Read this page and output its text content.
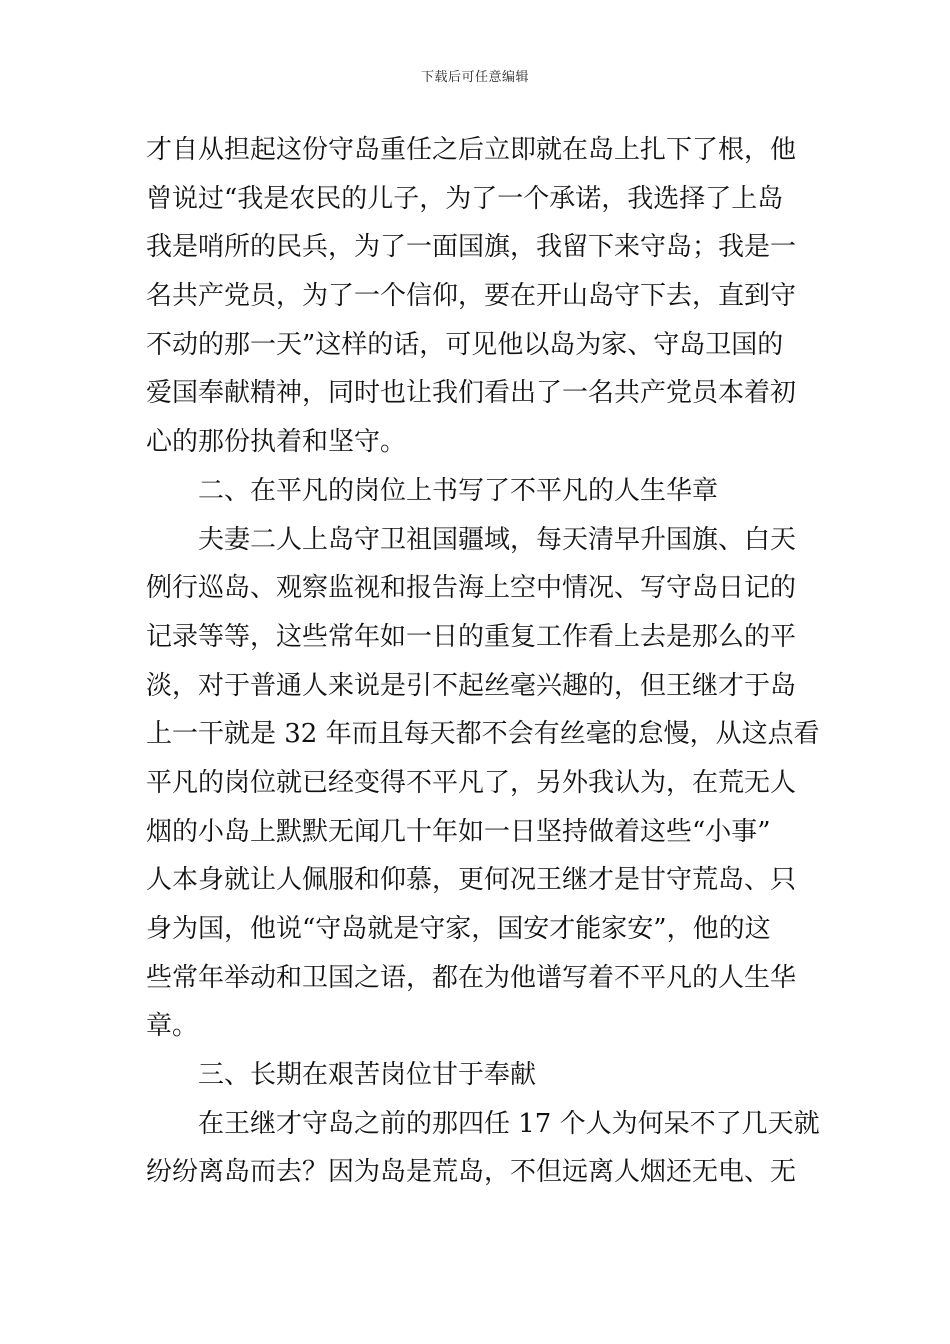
下载后可任意编辑
才自从担起这份守岛重任之后立即就在岛上扎下了根，他
曾说过“我是农民的儿子，为了一个承诺，我选择了上岛
我是哨所的民兵，为了一面国旗，我留下来守岛；我是一
名共产党员，为了一个信仰，要在开山岛守下去，直到守
不动的那一天”这样的话，可见他以岛为家、守岛卫国的
爱国奉献精神，同时也让我们看出了一名共产党员本着初
心的那份执着和坚守。
二、在平凡的岗位上书写了不平凡的人生华章
夫妻二人上岛守卫祖国疆域，每天清早升国旗、白天
例行巡岛、观察监视和报告海上空中情况、写守岛日记的
记录等等，这些常年如一日的重复工作看上去是那么的平
淡，对于普通人来说是引不起丝毫兴趣的，但王继才于岛
上一干就是 32 年而且每天都不会有丝毫的怠慢，从这点看
平凡的岗位就已经变得不平凡了，另外我认为，在荒无人
烟的小岛上默默无闻几十年如一日坚持做着这些“小事”
人本身就让人佩服和仰慕，更何况王继才是甘守荒岛、只
身为国，他说“守岛就是守家，国安才能家安”，他的这
些常年举动和卫国之语，都在为他谱写着不平凡的人生华
章。
三、长期在艰苦岗位甘于奉献
在王继才守岛之前的那四任 17 个人为何呆不了几天就
纷纷离岛而去？因为岛是荒岛，不但远离人烟还无电、无
